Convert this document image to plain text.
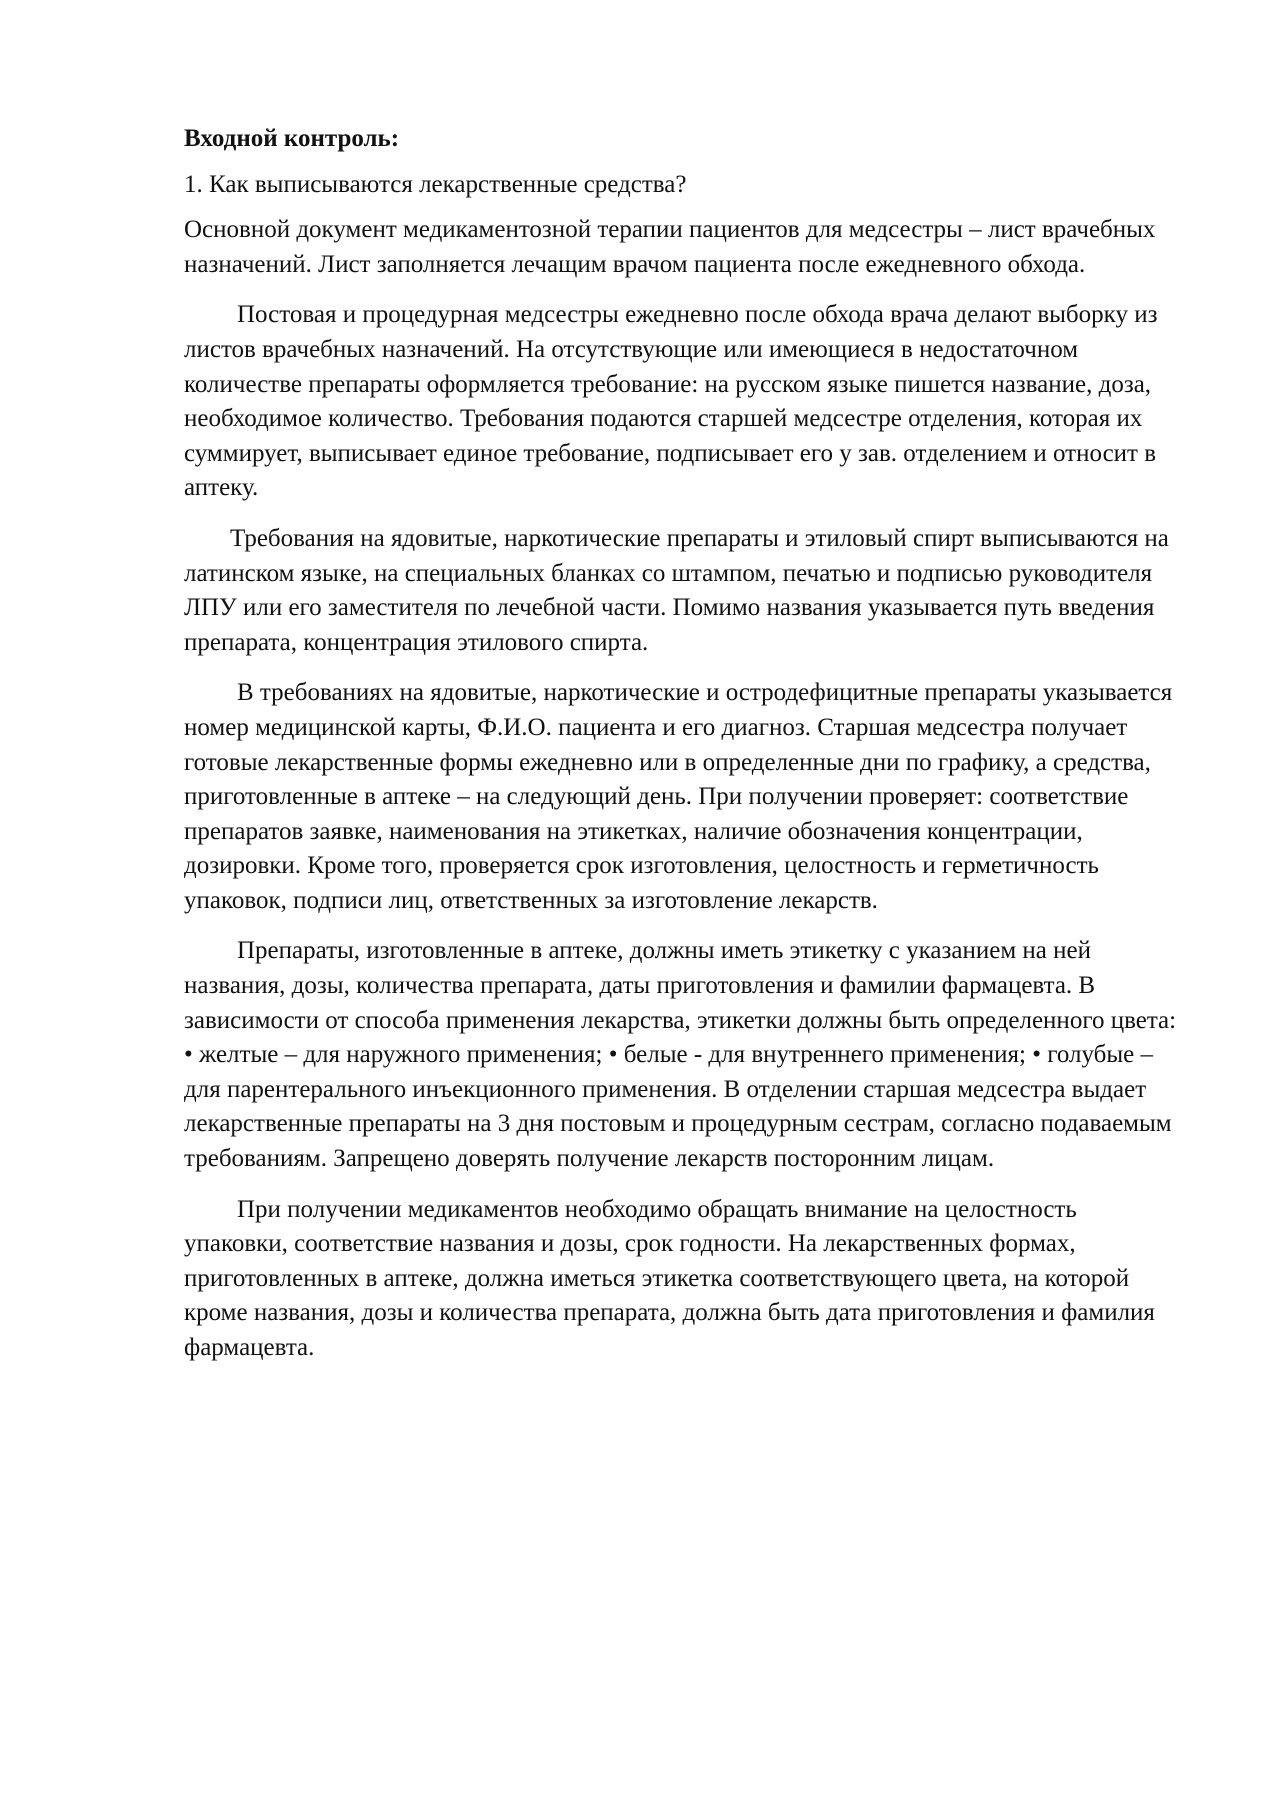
Входной контроль:

1. Как выписываются лекарственные средства?

Основной документ медикаментозной терапии пациентов для медсестры – лист врачебных назначений. Лист заполняется лечащим врачом пациента после ежедневного обхода.

Постовая и процедурная медсестры ежедневно после обхода врача делают выборку из листов врачебных назначений. На отсутствующие или имеющиеся в недостаточном количестве препараты оформляется требование: на русском языке пишется название, доза, необходимое количество. Требования подаются старшей медсестре отделения, которая их суммирует, выписывает единое требование, подписывает его у зав. отделением и относит в аптеку.

Требования на ядовитые, наркотические препараты и этиловый спирт выписываются на латинском языке, на специальных бланках со штампом, печатью и подписью руководителя ЛПУ или его заместителя по лечебной части. Помимо названия указывается путь введения препарата, концентрация этилового спирта.

В требованиях на ядовитые, наркотические и остродефицитные препараты указывается номер медицинской карты, Ф.И.О. пациента и его диагноз. Старшая медсестра получает готовые лекарственные формы ежедневно или в определенные дни по графику, а средства, приготовленные в аптеке – на следующий день. При получении проверяет: соответствие препаратов заявке, наименования на этикетках, наличие обозначения концентрации, дозировки. Кроме того, проверяется срок изготовления, целостность и герметичность упаковок, подписи лиц, ответственных за изготовление лекарств.

Препараты, изготовленные в аптеке, должны иметь этикетку с указанием на ней названия, дозы, количества препарата, даты приготовления и фамилии фармацевта. В зависимости от способа применения лекарства, этикетки должны быть определенного цвета: • желтые – для наружного применения; • белые - для внутреннего применения; • голубые – для парентерального инъекционного применения. В отделении старшая медсестра выдает лекарственные препараты на 3 дня постовым и процедурным сестрам, согласно подаваемым требованиям. Запрещено доверять получение лекарств посторонним лицам.

При получении медикаментов необходимо обращать внимание на целостность упаковки, соответствие названия и дозы, срок годности. На лекарственных формах, приготовленных в аптеке, должна иметься этикетка соответствующего цвета, на которой кроме названия, дозы и количества препарата, должна быть дата приготовления и фамилия фармацевта.
